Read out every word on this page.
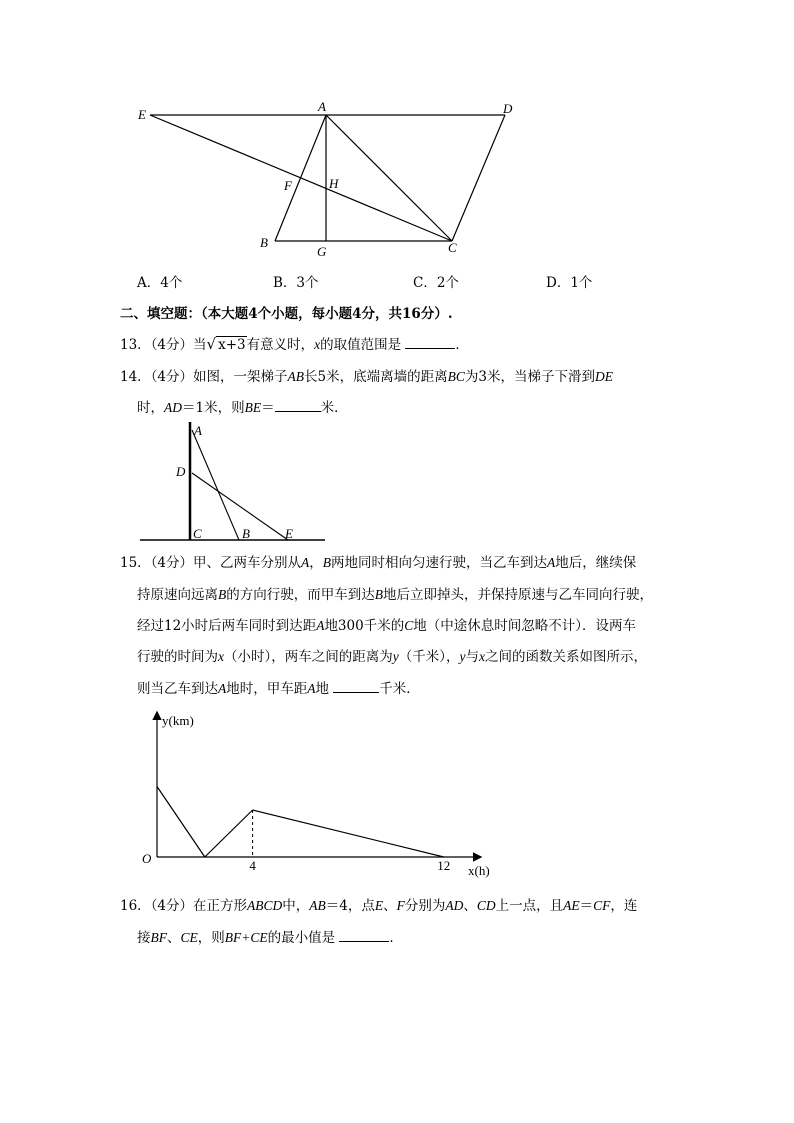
E
A	D
F	H
B
G	C
A．4个	B．3个	C．2个	D．1个
二、填空题：（本大题4个小题，每小题4分，共16分）.
13．（4分）当√ x+3有意义时，x的取值范围是	．
14．（4分）如图，一架梯子AB长5米，底端离墙的距离BC为3米，当梯子下滑到DE
时，AD＝1米，则BE＝	米．
A
D
C	B	E
15．（4分）甲、乙两车分别从A，B两地同时相向匀速行驶，当乙车到达A地后，继续保
持原速向远离B的方向行驶，而甲车到达B地后立即掉头，并保持原速与乙车同向行驶，
经过12小时后两车同时到达距A地300千米的C地（中途休息时间忽略不计）．设两车
行驶的时间为x（小时），两车之间的距离为y（千米），y与x之间的函数关系如图所示，
则当乙车到达A地时，甲车距A地	千米．
y(km)
x(h)
O	4	12
16．（4分）在正方形ABCD中，AB＝4，点E、F分别为AD、CD上一点，且AE＝CF，连
接BF、CE，则BF+CE的最小值是	．
